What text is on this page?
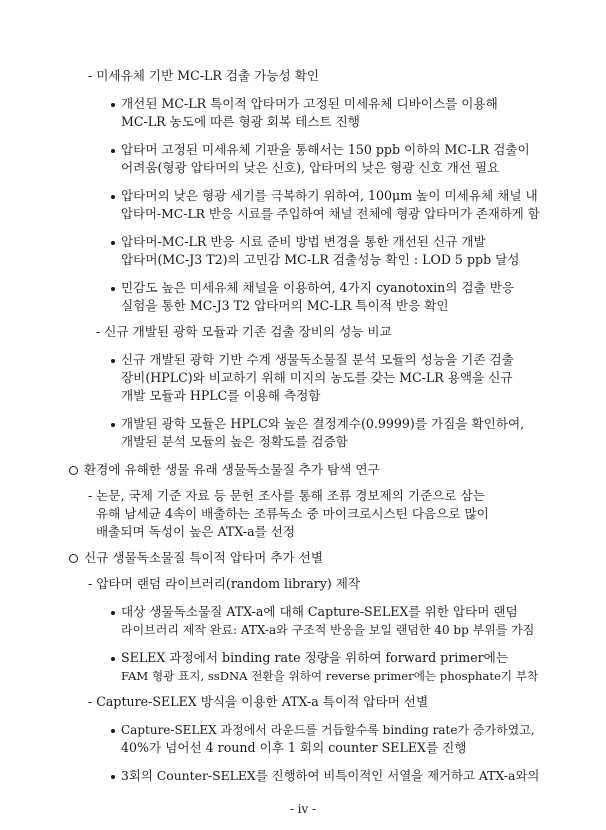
- 미세유체 기반 MC-LR 검출 가능성 확인
개선된 MC-LR 특이적 압타머가 고정된 미세유체 디바이스를 이용해
MC-LR 농도에 따른 형광 회복 테스트 진행
압타머 고정된 미세유체 기판을 통해서는 150 ppb 이하의 MC-LR 검출이
어려움(형광 압타머의 낮은 신호), 압타머의 낮은 형광 신호 개선 필요
압타머의 낮은 형광 세기를 극복하기 위하여, 100μm 높이 미세유체 채널 내
압타머-MC-LR 반응 시료를 주입하여 채널 전체에 형광 압타머가 존재하게 함
압타머-MC-LR 반응 시료 준비 방법 변경을 통한 개선된 신규 개발
압타머(MC-J3 T2)의 고민감 MC-LR 검출성능 확인 : LOD 5 ppb 달성
민감도 높은 미세유체 채널을 이용하여, 4가지 cyanotoxin의 검출 반응
실험을 통한 MC-J3 T2 압타머의 MC-LR 특이적 반응 확인
- 신규 개발된 광학 모듈과 기존 검출 장비의 성능 비교
신규 개발된 광학 기반 수계 생물독소물질 분석 모듈의 성능을 기존 검출
장비(HPLC)와 비교하기 위해 미지의 농도를 갖는 MC-LR 용액을 신규
개발 모듈과 HPLC를 이용해 측정함
개발된 광학 모듈은 HPLC와 높은 결정계수(0.9999)를 가짐을 확인하여,
개발된 분석 모듈의 높은 정확도를 검증함
환경에 유해한 생물 유래 생물독소물질 추가 탐색 연구
- 논문, 국제 기준 자료 등 문헌 조사를 통해 조류 경보제의 기준으로 삼는
유해 남세균 4속이 배출하는 조류독소 중 마이크로시스틴 다음으로 많이
배출되며 독성이 높은 ATX-a를 선정
신규 생물독소물질 특이적 압타머 추가 선별
- 압타머 랜덤 라이브러리(random library) 제작
대상 생물독소물질 ATX-a에 대해 Capture-SELEX를 위한 압타머 랜덤
라이브러리 제작 완료: ATX-a와 구조적 반응을 보일 랜덤한 40 bp 부위를 가짐
SELEX 과정에서 binding rate 정량을 위하여 forward primer에는
FAM 형광 표지, ssDNA 전환을 위하여 reverse primer에는 phosphate기 부착
- Capture-SELEX 방식을 이용한 ATX-a 특이적 압타머 선별
Capture-SELEX 과정에서 라운드를 거듭할수록 binding rate가 증가하였고,
40%가 넘어선 4 round 이후 1 회의 counter SELEX를 진행
3회의 Counter-SELEX를 진행하여 비특이적인 서열을 제거하고 ATX-a와의
- iv -
